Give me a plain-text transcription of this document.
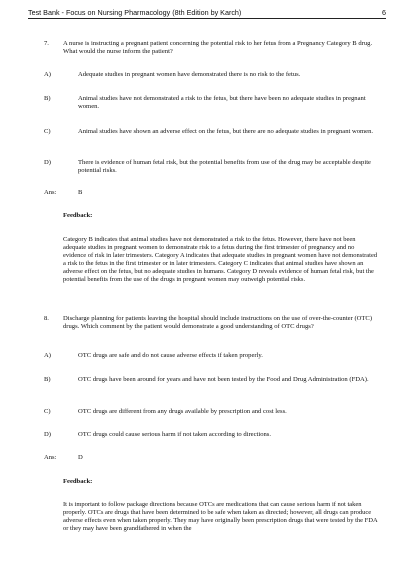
Test Bank - Focus on Nursing Pharmacology (8th Edition by Karch)	6
7. A nurse is instructing a pregnant patient concerning the potential risk to her fetus from a Pregnancy Category B drug. What would the nurse inform the patient?
A)	Adequate studies in pregnant women have demonstrated there is no risk to the fetus.
B)	Animal studies have not demonstrated a risk to the fetus, but there have been no adequate studies in pregnant women.
C)	Animal studies have shown an adverse effect on the fetus, but there are no adequate studies in pregnant women.
D)	There is evidence of human fetal risk, but the potential benefits from use of the drug may be acceptable despite potential risks.
Ans:	B
Feedback:
Category B indicates that animal studies have not demonstrated a risk to the fetus. However, there have not been adequate studies in pregnant women to demonstrate risk to a fetus during the first trimester of pregnancy and no evidence of risk in later trimesters. Category A indicates that adequate studies in pregnant women have not demonstrated a risk to the fetus in the first trimester or in later trimesters. Category C indicates that animal studies have shown an adverse effect on the fetus, but no adequate studies in humans. Category D reveals evidence of human fetal risk, but the potential benefits from the use of the drugs in pregnant women may outweigh potential risks.
8. Discharge planning for patients leaving the hospital should include instructions on the use of over-the-counter (OTC) drugs. Which comment by the patient would demonstrate a good understanding of OTC drugs?
A)	OTC drugs are safe and do not cause adverse effects if taken properly.
B)	OTC drugs have been around for years and have not been tested by the Food and Drug Administration (FDA).
C)	OTC drugs are different from any drugs available by prescription and cost less.
D)	OTC drugs could cause serious harm if not taken according to directions.
Ans:	D
Feedback:
It is important to follow package directions because OTCs are medications that can cause serious harm if not taken properly. OTCs are drugs that have been determined to be safe when taken as directed; however, all drugs can produce adverse effects even when taken properly. They may have originally been prescription drugs that were tested by the FDA or they may have been grandfathered in when the
